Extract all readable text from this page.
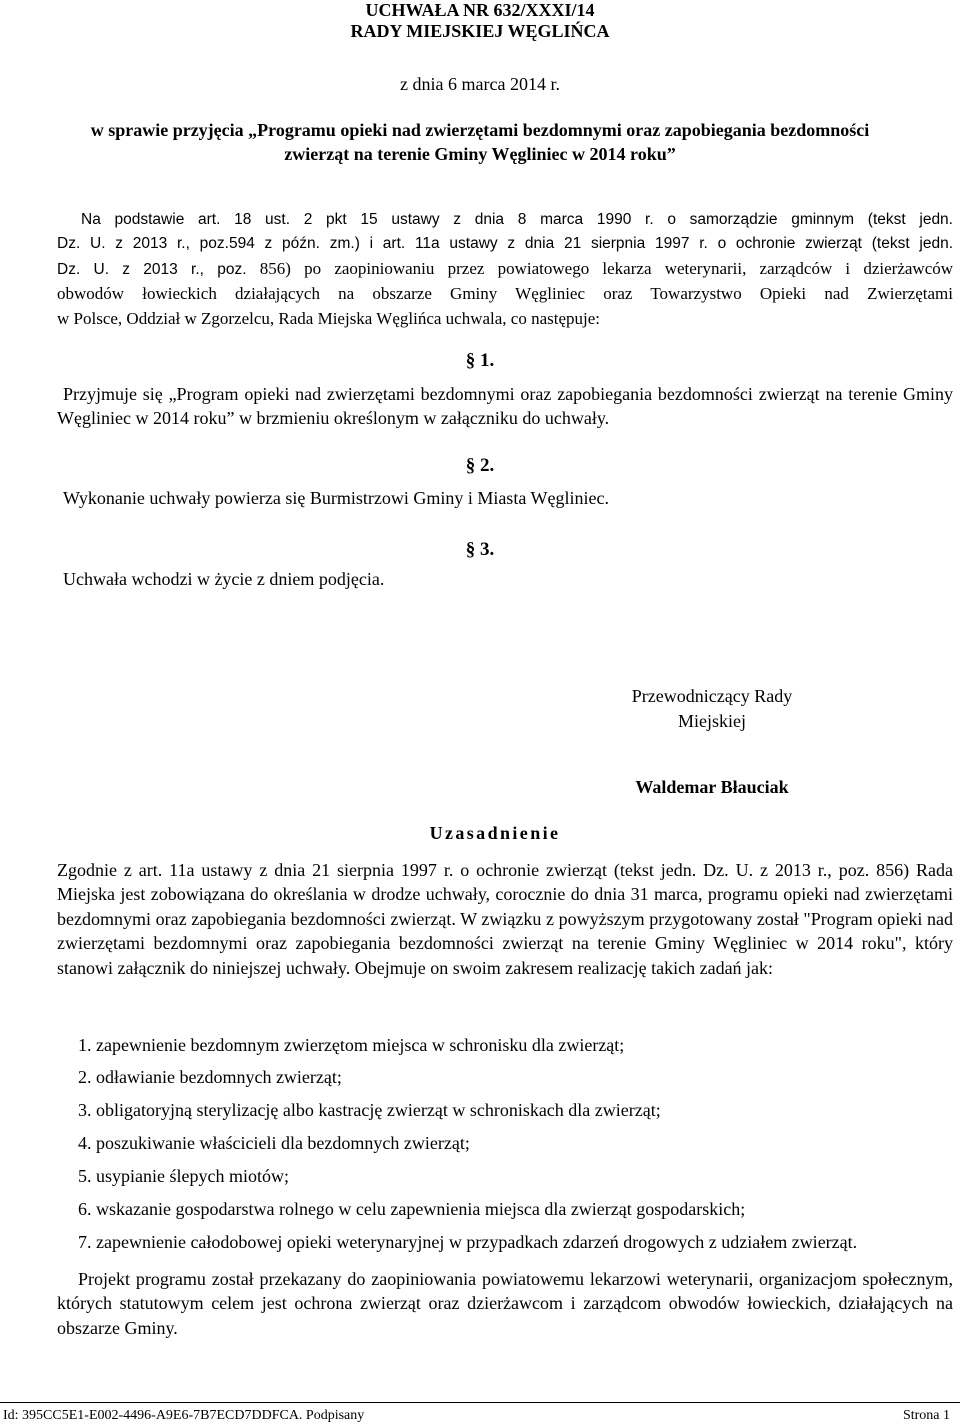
UCHWAŁA NR 632/XXXI/14
RADY MIEJSKIEJ WĘGLIŃCA
z dnia 6 marca 2014 r.
w sprawie przyjęcia „Programu opieki nad zwierzętami bezdomnymi oraz zapobiegania bezdomności
zwierząt na terenie Gminy Węgliniec w 2014 roku”
Na podstawie art. 18 ust. 2 pkt 15 ustawy z dnia 8 marca 1990 r. o samorządzie gminnym (tekst jedn.
Dz. U. z 2013 r., poz.594 z późn. zm.) i art. 11a ustawy z dnia 21 sierpnia 1997 r. o ochronie zwierząt (tekst jedn.
Dz. U. z 2013 r., poz. 856) po zaopiniowaniu przez powiatowego lekarza weterynarii, zarządców i dzierżawców
obwodów łowieckich działających na obszarze Gminy Węgliniec oraz Towarzystwo Opieki nad Zwierzętami
w Polsce, Oddział w Zgorzelcu, Rada Miejska Węglińca uchwala, co następuje:
§ 1.
Przyjmuje się „Program opieki nad zwierzętami bezdomnymi oraz zapobiegania bezdomności zwierząt na terenie Gminy Węgliniec w 2014 roku” w brzmieniu określonym w załączniku do uchwały.
§ 2.
Wykonanie uchwały powierza się Burmistrzowi Gminy i Miasta Węgliniec.
§ 3.
Uchwała wchodzi w życie z dniem podjęcia.
Przewodniczący Rady
Miejskiej
Waldemar Błauciak
Uzasadnienie
Zgodnie z art. 11a ustawy z dnia 21 sierpnia 1997 r. o ochronie zwierząt (tekst jedn. Dz. U. z 2013 r., poz. 856) Rada Miejska jest zobowiązana do określania w drodze uchwały, corocznie do dnia 31 marca, programu opieki nad zwierzętami bezdomnymi oraz zapobiegania bezdomności zwierząt. W związku z powyższym przygotowany został "Program opieki nad zwierzętami bezdomnymi oraz zapobiegania bezdomności zwierząt na terenie Gminy Węgliniec w 2014 roku", który stanowi załącznik do niniejszej uchwały. Obejmuje on swoim zakresem realizację takich zadań jak:
1. zapewnienie bezdomnym zwierzętom miejsca w schronisku dla zwierząt;
2. odławianie bezdomnych zwierząt;
3. obligatoryjną sterylizację albo kastrację zwierząt w schroniskach dla zwierząt;
4. poszukiwanie właścicieli dla bezdomnych zwierząt;
5. usypianie ślepych miotów;
6. wskazanie gospodarstwa rolnego w celu zapewnienia miejsca dla zwierząt gospodarskich;
7. zapewnienie całodobowej opieki weterynaryjnej w przypadkach zdarzeń drogowych z udziałem zwierząt.
Projekt programu został przekazany do zaopiniowania powiatowemu lekarzowi weterynarii, organizacjom społecznym, których statutowym celem jest ochrona zwierząt oraz dzierżawcom i zarządcom obwodów łowieckich, działających na obszarze Gminy.
Id: 395CC5E1-E002-4496-A9E6-7B7ECD7DDFCA. Podpisany	Strona 1
